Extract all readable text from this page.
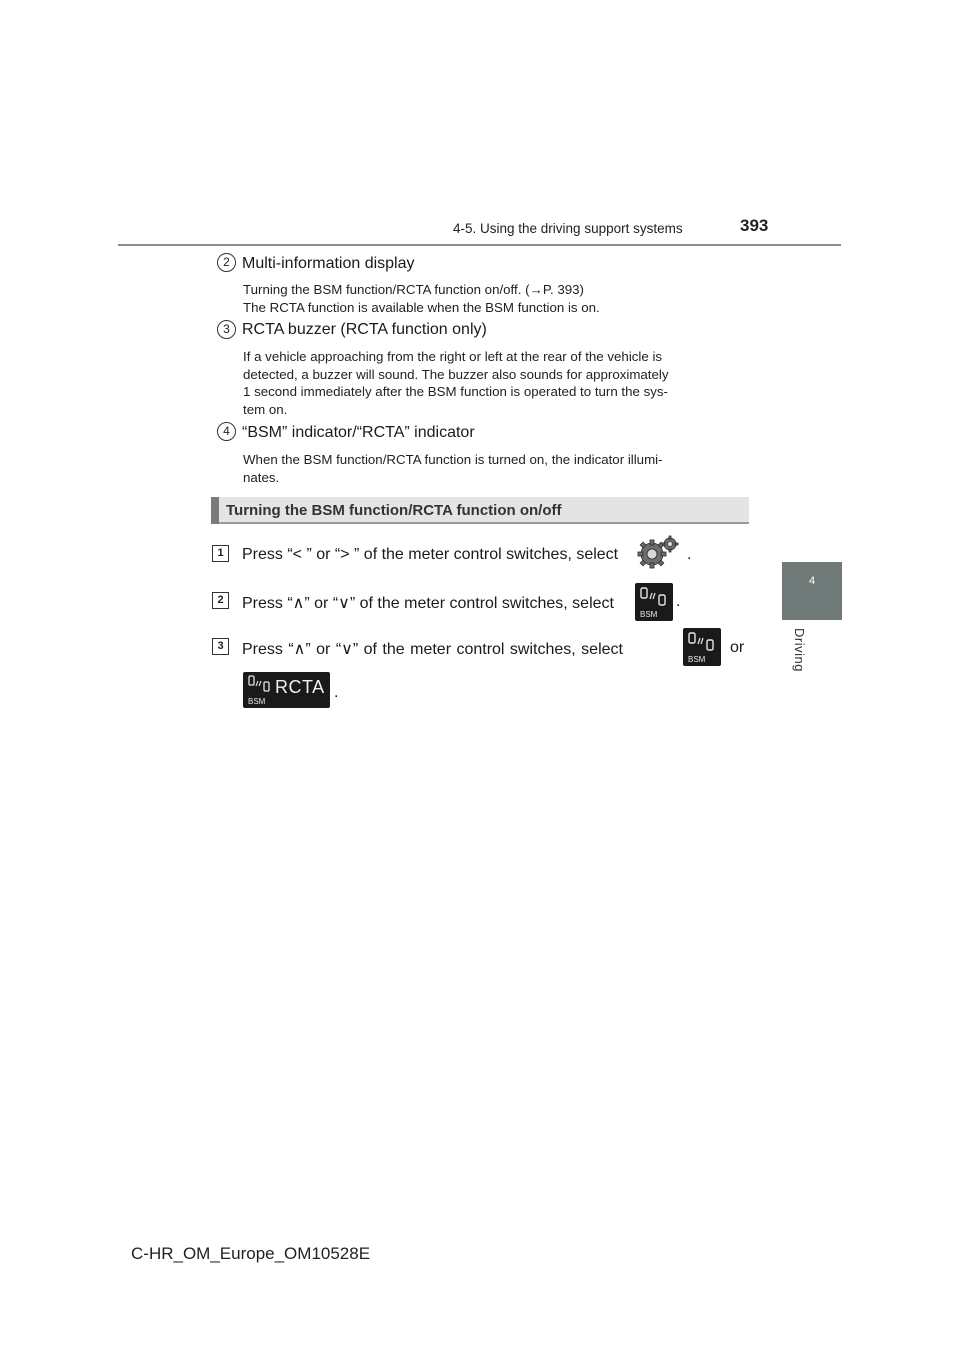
4-5. Using the driving support systems	393
4
Driving
2 Multi-information display
Turning the BSM function/RCTA function on/off. (→P. 393)
The RCTA function is available when the BSM function is on.
3 RCTA buzzer (RCTA function only)
If a vehicle approaching from the right or left at the rear of the vehicle is
detected, a buzzer will sound. The buzzer also sounds for approximately
1 second immediately after the BSM function is operated to turn the sys-
tem on.
4 “BSM” indicator/“RCTA” indicator
When the BSM function/RCTA function is turned on, the indicator illumi-
nates.
Turning the BSM function/RCTA function on/off
1	Press “< ” or “> ” of the meter control switches, select	.
2	Press “∧” or “∨” of the meter control switches, select
BSM
.
3	Press “∧” or “∨” of the meter control switches, select
BSM
or
BSM
RCTA .
C-HR_OM_Europe_OM10528E
